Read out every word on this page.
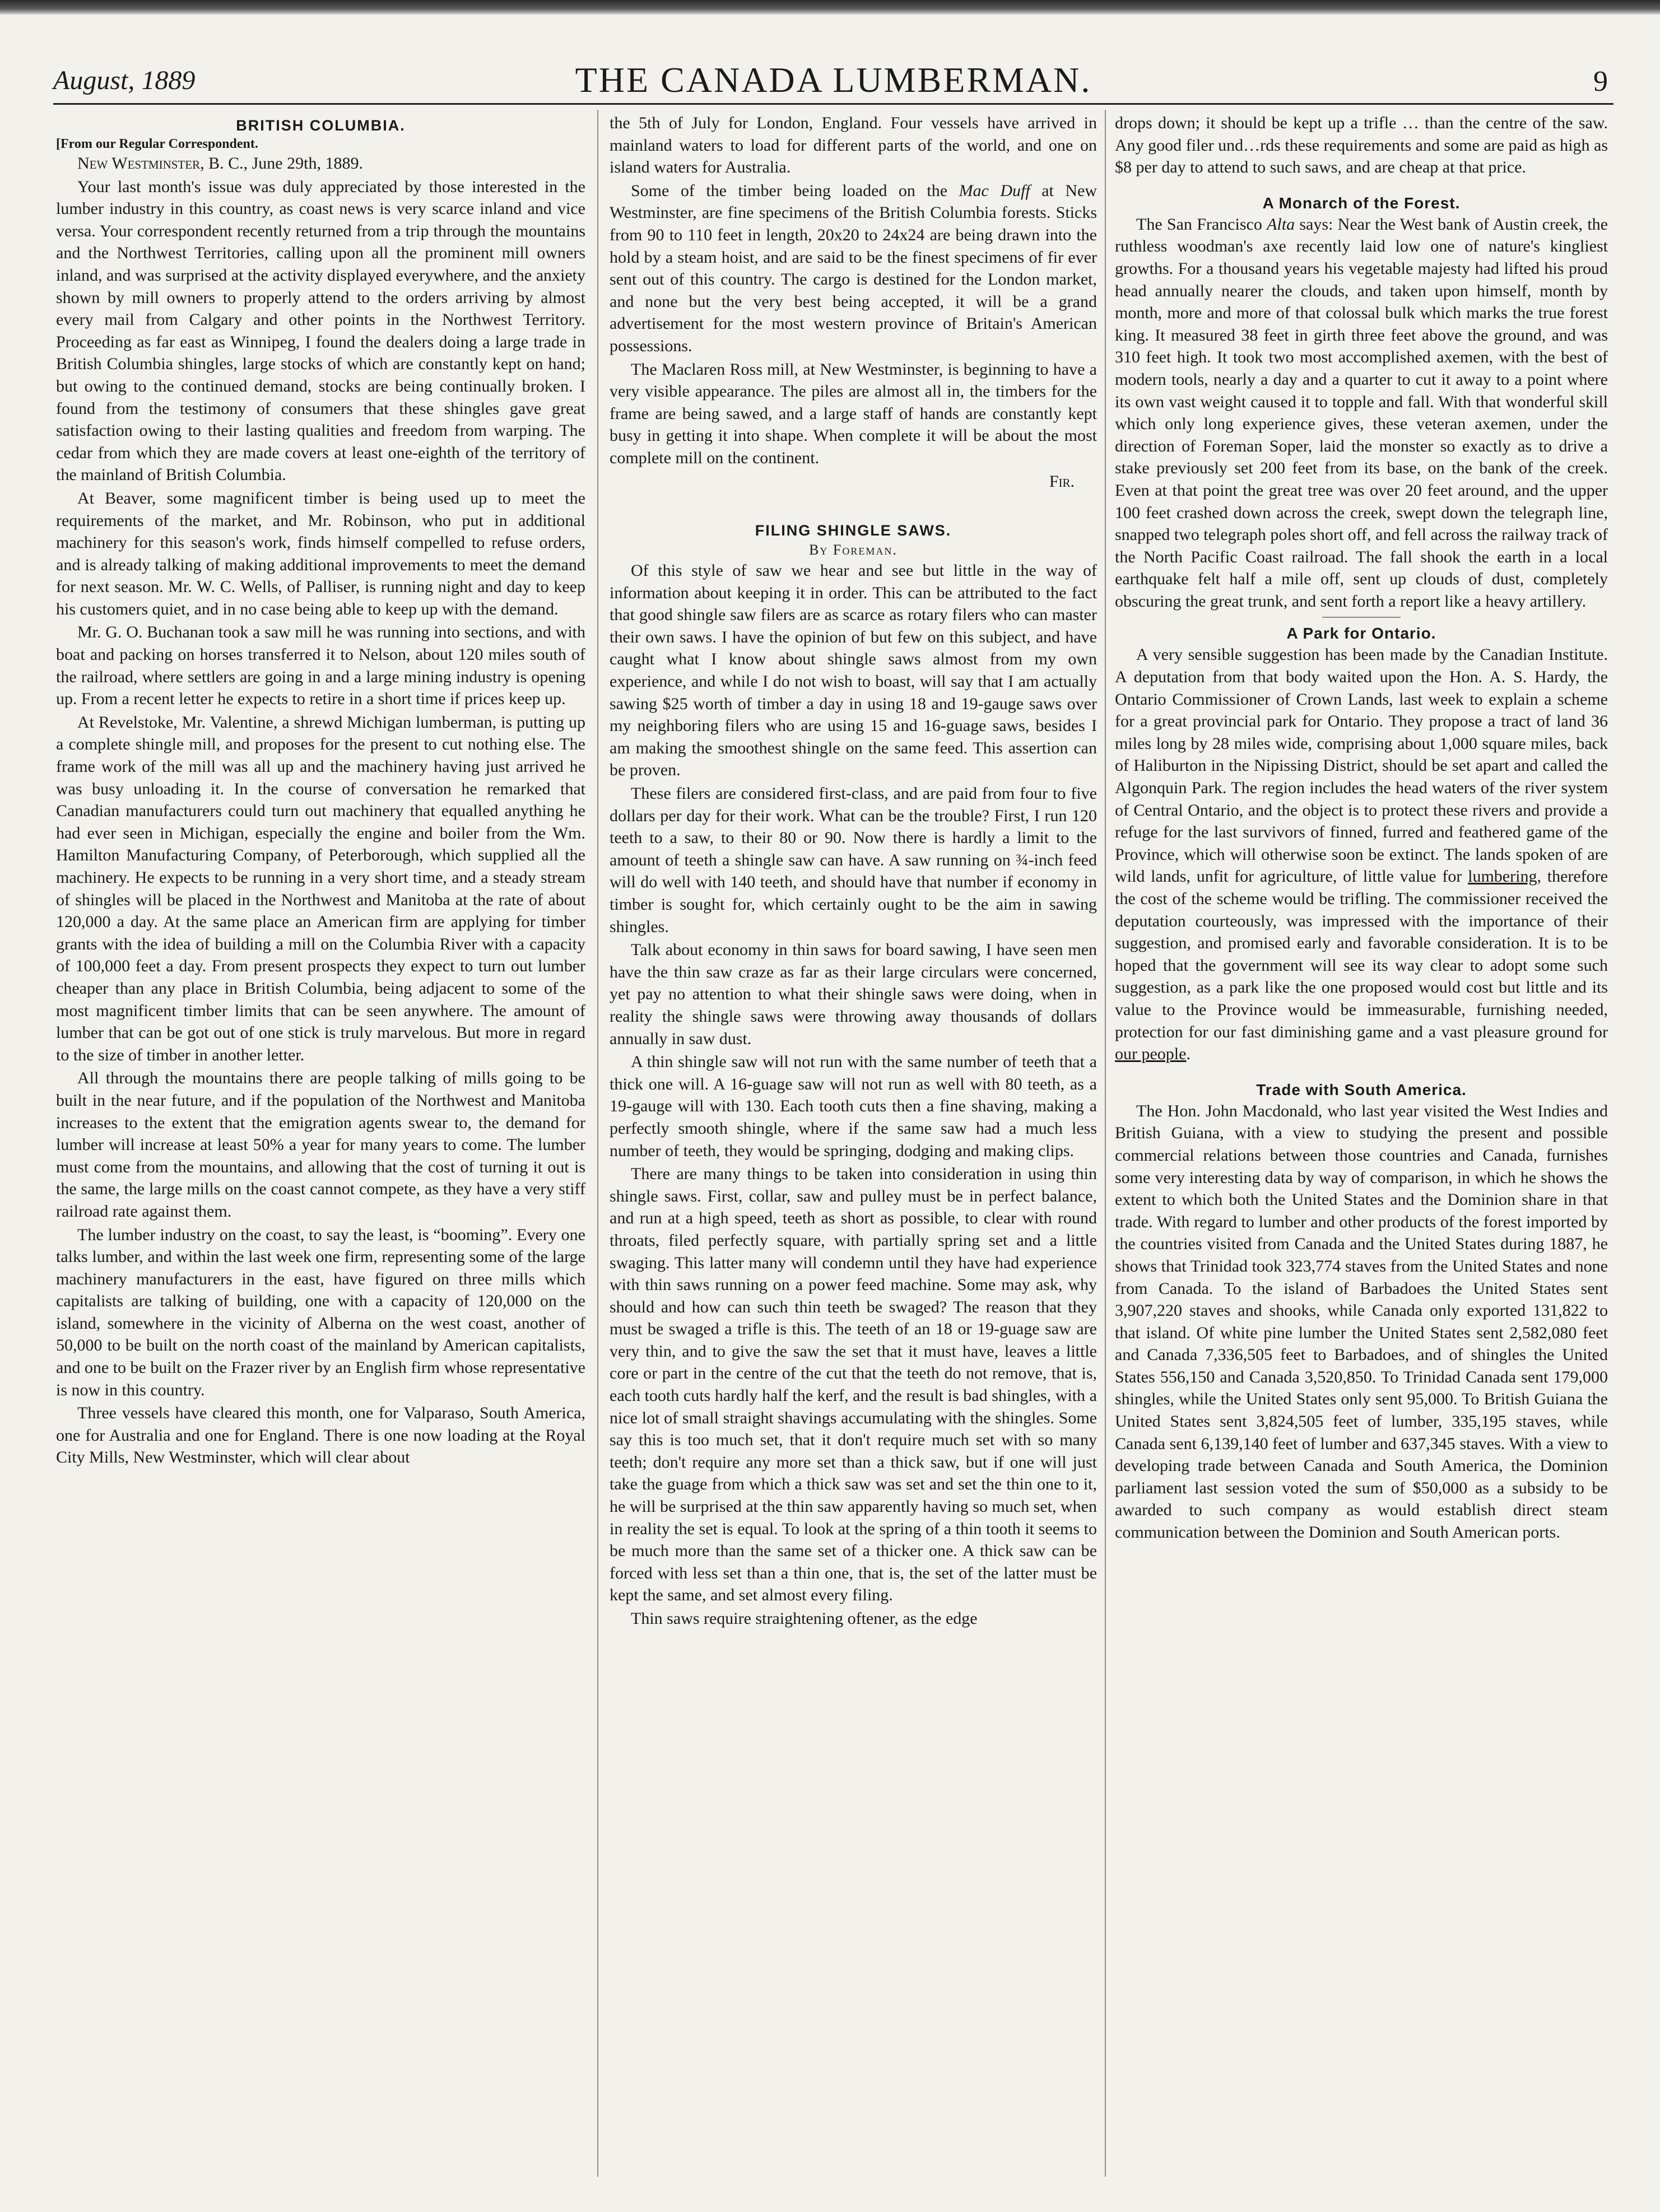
August, 1889	THE CANADA LUMBERMAN.	9
BRITISH COLUMBIA.
[From our Regular Correspondent.

New Westminster, B. C., June 29th, 1889.

Your last month's issue was duly appreciated by those interested in the lumber industry in this country, as coast news is very scarce inland and vice versa. Your correspondent recently returned from a trip through the mountains and the Northwest Territories, calling upon all the prominent mill owners inland, and was surprised at the activity displayed everywhere, and the anxiety shown by mill owners to properly attend to the orders arriving by almost every mail from Calgary and other points in the Northwest Territory. Proceeding as far east as Winnipeg, I found the dealers doing a large trade in British Columbia shingles, large stocks of which are constantly kept on hand; but owing to the continued demand, stocks are being continually broken. I found from the testimony of consumers that these shingles gave great satisfaction owing to their lasting qualities and freedom from warping. The cedar from which they are made covers at least one-eighth of the territory of the mainland of British Columbia.

At Beaver, some magnificent timber is being used up to meet the requirements of the market, and Mr. Robinson, who put in additional machinery for this season's work, finds himself compelled to refuse orders, and is already talking of making additional improvements to meet the demand for next season. Mr. W. C. Wells, of Palliser, is running night and day to keep his customers quiet, and in no case being able to keep up with the demand.

Mr. G. O. Buchanan took a saw mill he was running into sections, and with boat and packing on horses transferred it to Nelson, about 120 miles south of the railroad, where settlers are going in and a large mining industry is opening up. From a recent letter he expects to retire in a short time if prices keep up.

At Revelstoke, Mr. Valentine, a shrewd Michigan lumberman, is putting up a complete shingle mill, and proposes for the present to cut nothing else. The frame work of the mill was all up and the machinery having just arrived he was busy unloading it. In the course of conversation he remarked that Canadian manufacturers could turn out machinery that equalled anything he had ever seen in Michigan, especially the engine and boiler from the Wm. Hamilton Manufacturing Company, of Peterborough, which supplied all the machinery. He expects to be running in a very short time, and a steady stream of shingles will be placed in the Northwest and Manitoba at the rate of about 120,000 a day. At the same place an American firm are applying for timber grants with the idea of building a mill on the Columbia River with a capacity of 100,000 feet a day. From present prospects they expect to turn out lumber cheaper than any place in British Columbia, being adjacent to some of the most magnificent timber limits that can be seen anywhere. The amount of lumber that can be got out of one stick is truly marvelous. But more in regard to the size of timber in another letter.

All through the mountains there are people talking of mills going to be built in the near future, and if the population of the Northwest and Manitoba increases to the extent that the emigration agents swear to, the demand for lumber will increase at least 50% a year for many years to come. The lumber must come from the mountains, and allowing that the cost of turning it out is the same, the large mills on the coast cannot compete, as they have a very stiff railroad rate against them.

The lumber industry on the coast, to say the least, is “booming”. Every one talks lumber, and within the last week one firm, representing some of the large machinery manufacturers in the east, have figured on three mills which capitalists are talking of building, one with a capacity of 120,000 on the island, somewhere in the vicinity of Alberna on the west coast, another of 50,000 to be built on the north coast of the mainland by American capitalists, and one to be built on the Frazer river by an English firm whose representative is now in this country.

Three vessels have cleared this month, one for Valparaso, South America, one for Australia and one for England. There is one now loading at the Royal City Mills, New Westminster, which will clear about

the 5th of July for London, England. Four vessels have arrived in mainland waters to load for different parts of the world, and one on island waters for Australia.

Some of the timber being loaded on the Mac Duff at New Westminster, are fine specimens of the British Columbia forests. Sticks from 90 to 110 feet in length, 20x20 to 24x24 are being drawn into the hold by a steam hoist, and are said to be the finest specimens of fir ever sent out of this country. The cargo is destined for the London market, and none but the very best being accepted, it will be a grand advertisement for the most western province of Britain's American possessions.

The Maclaren Ross mill, at New Westminster, is beginning to have a very visible appearance. The piles are almost all in, the timbers for the frame are being sawed, and a large staff of hands are constantly kept busy in getting it into shape. When complete it will be about the most complete mill on the continent.

Fir.
FILING SHINGLE SAWS.
By Foreman.

Of this style of saw we hear and see but little in the way of information about keeping it in order. This can be attributed to the fact that good shingle saw filers are as scarce as rotary filers who can master their own saws. I have the opinion of but few on this subject, and have caught what I know about shingle saws almost from my own experience, and while I do not wish to boast, will say that I am actually sawing $25 worth of timber a day in using 18 and 19-gauge saws over my neighboring filers who are using 15 and 16-guage saws, besides I am making the smoothest shingle on the same feed. This assertion can be proven.

These filers are considered first-class, and are paid from four to five dollars per day for their work. What can be the trouble? First, I run 120 teeth to a saw, to their 80 or 90. Now there is hardly a limit to the amount of teeth a shingle saw can have. A saw running on ¾-inch feed will do well with 140 teeth, and should have that number if economy in timber is sought for, which certainly ought to be the aim in sawing shingles.

Talk about economy in thin saws for board sawing, I have seen men have the thin saw craze as far as their large circulars were concerned, yet pay no attention to what their shingle saws were doing, when in reality the shingle saws were throwing away thousands of dollars annually in saw dust.

A thin shingle saw will not run with the same number of teeth that a thick one will. A 16-guage saw will not run as well with 80 teeth, as a 19-gauge will with 130. Each tooth cuts then a fine shaving, making a perfectly smooth shingle, where if the same saw had a much less number of teeth, they would be springing, dodging and making clips.

There are many things to be taken into consideration in using thin shingle saws. First, collar, saw and pulley must be in perfect balance, and run at a high speed, teeth as short as possible, to clear with round throats, filed perfectly square, with partially spring set and a little swaging. This latter many will condemn until they have had experience with thin saws running on a power feed machine. Some may ask, why should and how can such thin teeth be swaged? The reason that they must be swaged a trifle is this. The teeth of an 18 or 19-guage saw are very thin, and to give the saw the set that it must have, leaves a little core or part in the centre of the cut that the teeth do not remove, that is, each tooth cuts hardly half the kerf, and the result is bad shingles, with a nice lot of small straight shavings accumulating with the shingles. Some say this is too much set, that it don't require much set with so many teeth; don't require any more set than a thick saw, but if one will just take the guage from which a thick saw was set and set the thin one to it, he will be surprised at the thin saw apparently having so much set, when in reality the set is equal. To look at the spring of a thin tooth it seems to be much more than the same set of a thicker one. A thick saw can be forced with less set than a thin one, that is, the set of the latter must be kept the same, and set almost every filing.

Thin saws require straightening oftener, as the edge

drops down; it should be kept up a trifle … than the centre of the saw. Any good filer und…rds these requirements and some are paid as high as $8 per day to attend to such saws, and are cheap at that price.

A Monarch of the Forest.

The San Francisco Alta says: Near the West bank of Austin creek, the ruthless woodman's axe recently laid low one of nature's kingliest growths. For a thousand years his vegetable majesty had lifted his proud head annually nearer the clouds, and taken upon himself, month by month, more and more of that colossal bulk which marks the true forest king. It measured 38 feet in girth three feet above the ground, and was 310 feet high. It took two most accomplished axemen, with the best of modern tools, nearly a day and a quarter to cut it away to a point where its own vast weight caused it to topple and fall. With that wonderful skill which only long experience gives, these veteran axemen, under the direction of Foreman Soper, laid the monster so exactly as to drive a stake previously set 200 feet from its base, on the bank of the creek. Even at that point the great tree was over 20 feet around, and the upper 100 feet crashed down across the creek, swept down the telegraph line, snapped two telegraph poles short off, and fell across the railway track of the North Pacific Coast railroad. The fall shook the earth in a local earthquake felt half a mile off, sent up clouds of dust, completely obscuring the great trunk, and sent forth a report like a heavy artillery.

A Park for Ontario.

A very sensible suggestion has been made by the Canadian Institute. A deputation from that body waited upon the Hon. A. S. Hardy, the Ontario Commissioner of Crown Lands, last week to explain a scheme for a great provincial park for Ontario. They propose a tract of land 36 miles long by 28 miles wide, comprising about 1,000 square miles, back of Haliburton in the Nipissing District, should be set apart and called the Algonquin Park. The region includes the head waters of the river system of Central Ontario, and the object is to protect these rivers and provide a refuge for the last survivors of finned, furred and feathered game of the Province, which will otherwise soon be extinct. The lands spoken of are wild lands, unfit for agriculture, of little value for lumbering, therefore the cost of the scheme would be trifling. The commissioner received the deputation courteously, was impressed with the importance of their suggestion, and promised early and favorable consideration. It is to be hoped that the government will see its way clear to adopt some such suggestion, as a park like the one proposed would cost but little and its value to the Province would be immeasurable, furnishing needed, protection for our fast diminishing game and a vast pleasure ground for our people.

Trade with South America.

The Hon. John Macdonald, who last year visited the West Indies and British Guiana, with a view to studying the present and possible commercial relations between those countries and Canada, furnishes some very interesting data by way of comparison, in which he shows the extent to which both the United States and the Dominion share in that trade. With regard to lumber and other products of the forest imported by the countries visited from Canada and the United States during 1887, he shows that Trinidad took 323,774 staves from the United States and none from Canada. To the island of Barbadoes the United States sent 3,907,220 staves and shooks, while Canada only exported 131,822 to that island. Of white pine lumber the United States sent 2,582,080 feet and Canada 7,336,505 feet to Barbadoes, and of shingles the United States 556,150 and Canada 3,520,850. To Trinidad Canada sent 179,000 shingles, while the United States only sent 95,000. To British Guiana the United States sent 3,824,505 feet of lumber, 335,195 staves, while Canada sent 6,139,140 feet of lumber and 637,345 staves. With a view to developing trade between Canada and South America, the Dominion parliament last session voted the sum of $50,000 as a subsidy to be awarded to such company as would establish direct steam communication between the Dominion and South American ports.
